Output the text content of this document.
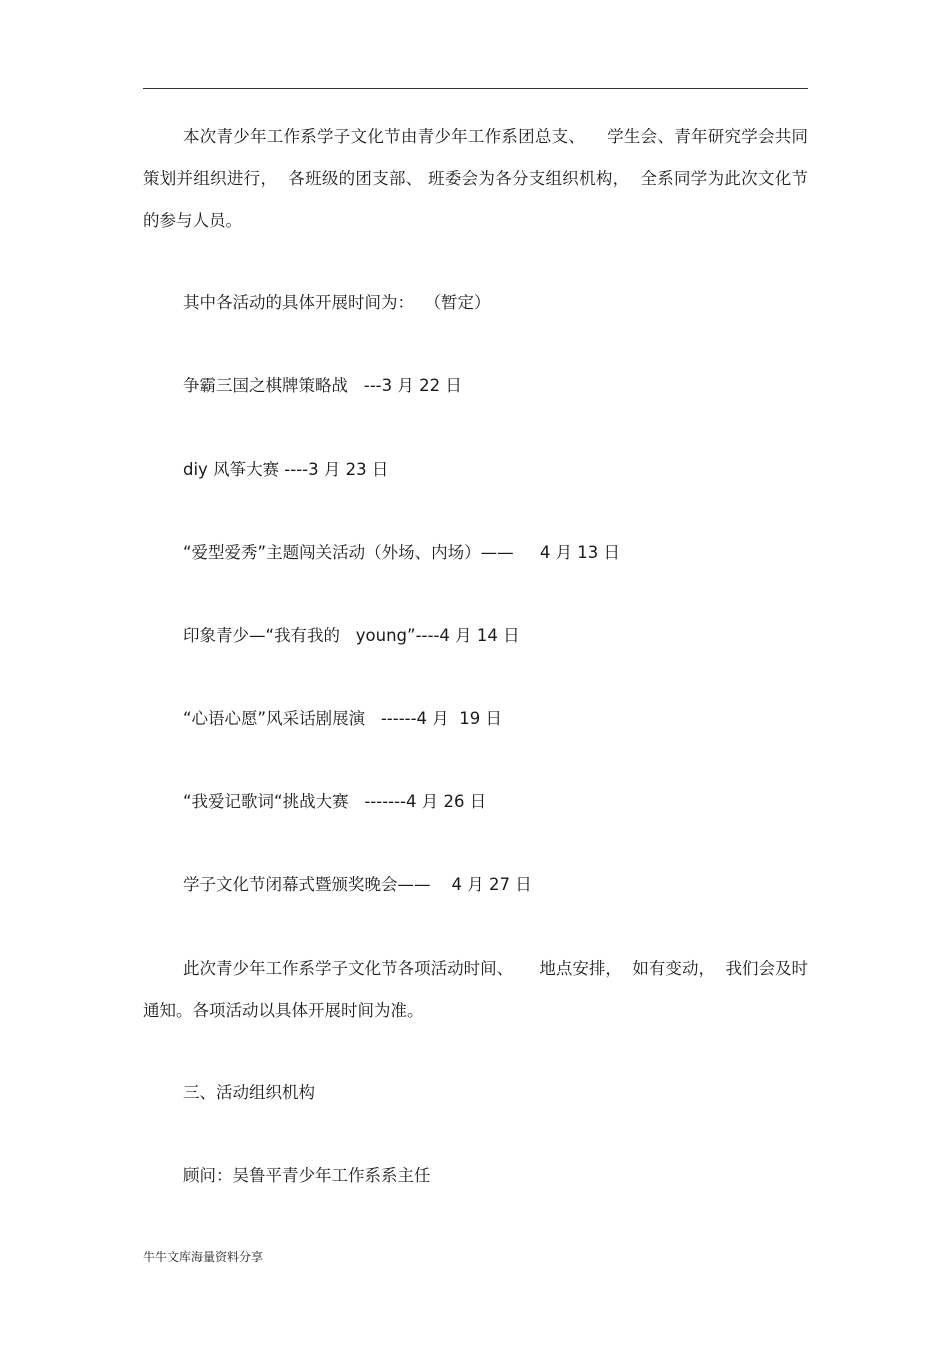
本次青少年工作系学子文化节由青少年工作系团总支、    学生会、青年研究学会共同策划并组织进行，  各班级的团支部、 班委会为各分支组织机构，  全系同学为此次文化节的参与人员。

其中各活动的具体开展时间为：  （暂定）

争霸三国之棋牌策略战   ---3 月 22 日

diy 风筝大赛 ----3 月 23 日

“爱型爱秀”主题闯关活动（外场、内场）——     4 月 13 日

印象青少—“我有我的   young”----4 月 14 日

“心语心愿”风采话剧展演   ------4 月  19 日

“我爱记歌词“挑战大赛   -------4 月 26 日

学子文化节闭幕式暨颁奖晚会——    4 月 27 日

此次青少年工作系学子文化节各项活动时间、     地点安排，  如有变动，  我们会及时通知。各项活动以具体开展时间为准。

三、活动组织机构

顾问：吴鲁平青少年工作系系主任

牛牛文库海量资料分享
